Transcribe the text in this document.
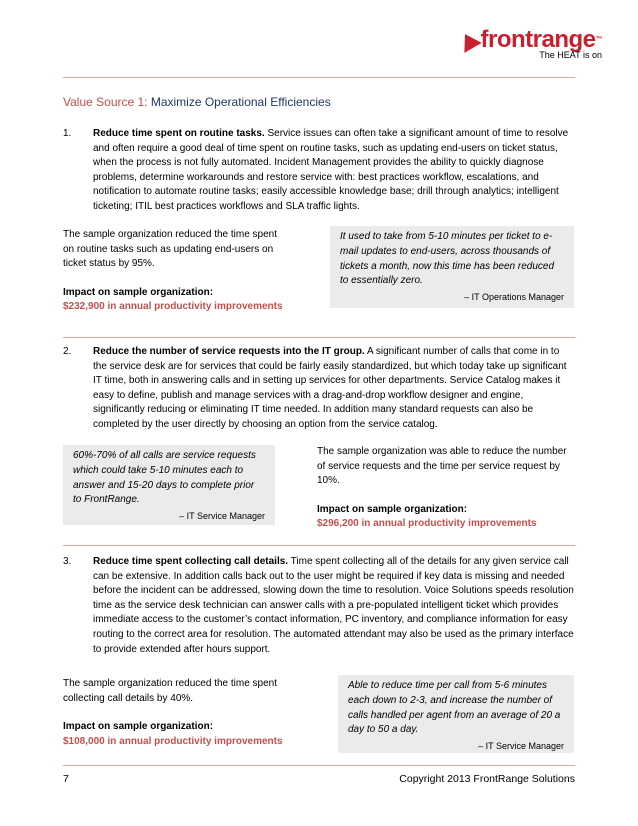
frontrange™
The HEAT is on
Value Source 1: Maximize Operational Efficiencies
1. Reduce time spent on routine tasks. Service issues can often take a significant amount of time to resolve and often require a good deal of time spent on routine tasks, such as updating end-users on ticket status, when the process is not fully automated. Incident Management provides the ability to quickly diagnose problems, determine workarounds and restore service with: best practices workflow, escalations, and notification to automate routine tasks; easily accessible knowledge base; drill through analytics; intelligent ticketing; ITIL best practices workflows and SLA traffic lights.
The sample organization reduced the time spent on routine tasks such as updating end-users on ticket status by 95%.
Impact on sample organization:
$232,900 in annual productivity improvements
It used to take from 5-10 minutes per ticket to e-mail updates to end-users, across thousands of tickets a month, now this time has been reduced to essentially zero.
– IT Operations Manager
2. Reduce the number of service requests into the IT group. A significant number of calls that come in to the service desk are for services that could be fairly easily standardized, but which today take up significant IT time, both in answering calls and in setting up services for other departments. Service Catalog makes it easy to define, publish and manage services with a drag-and-drop workflow designer and engine, significantly reducing or eliminating IT time needed. In addition many standard requests can also be completed by the user directly by choosing an option from the service catalog.
60%-70% of all calls are service requests which could take 5-10 minutes each to answer and 15-20 days to complete prior to FrontRange.
– IT Service Manager
The sample organization was able to reduce the number of service requests and the time per service request by 10%.
Impact on sample organization:
$296,200 in annual productivity improvements
3. Reduce time spent collecting call details. Time spent collecting all of the details for any given service call can be extensive. In addition calls back out to the user might be required if key data is missing and needed before the incident can be addressed, slowing down the time to resolution. Voice Solutions speeds resolution time as the service desk technician can answer calls with a pre-populated intelligent ticket which provides immediate access to the customer’s contact information, PC inventory, and compliance information for easy routing to the correct area for resolution. The automated attendant may also be used as the primary interface to provide extended after hours support.
The sample organization reduced the time spent collecting call details by 40%.
Impact on sample organization:
$108,000 in annual productivity improvements
Able to reduce time per call from 5-6 minutes each down to 2-3, and increase the number of calls handled per agent from an average of 20 a day to 50 a day.
– IT Service Manager
7	Copyright 2013 FrontRange Solutions
